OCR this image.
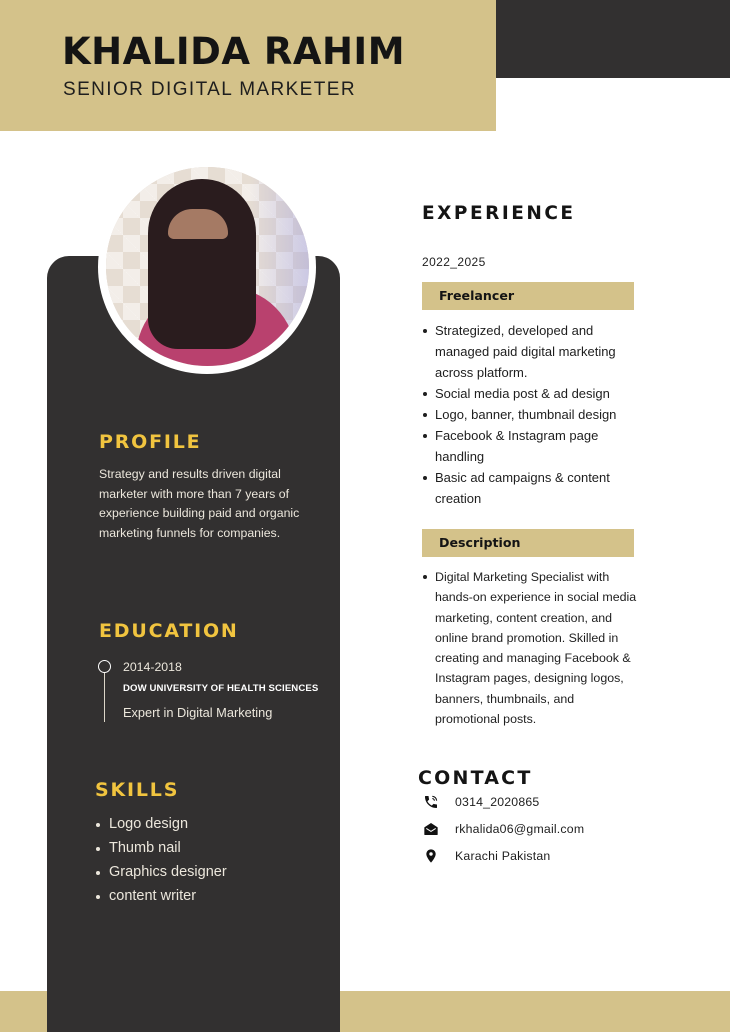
KHALIDA RAHIM
SENIOR DIGITAL MARKETER
PROFILE
Strategy and results driven digital marketer with more than 7 years of experience building paid and organic marketing funnels for companies.
EDUCATION
2014-2018
DOW UNIVERSITY OF HEALTH SCIENCES
Expert in Digital Marketing
SKILLS
Logo design
Thumb nail
Graphics designer
content writer
EXPERIENCE
2022_2025
Freelancer
Strategized, developed and managed paid digital marketing across platform.
Social media post & ad design
Logo, banner, thumbnail design
Facebook & Instagram page handling
Basic ad campaigns & content creation
Description
Digital Marketing Specialist with hands-on experience in social media marketing, content creation, and online brand promotion. Skilled in creating and managing Facebook & Instagram pages, designing logos, banners, thumbnails, and promotional posts.
CONTACT
0314_2020865
rkhalida06@gmail.com
Karachi Pakistan
